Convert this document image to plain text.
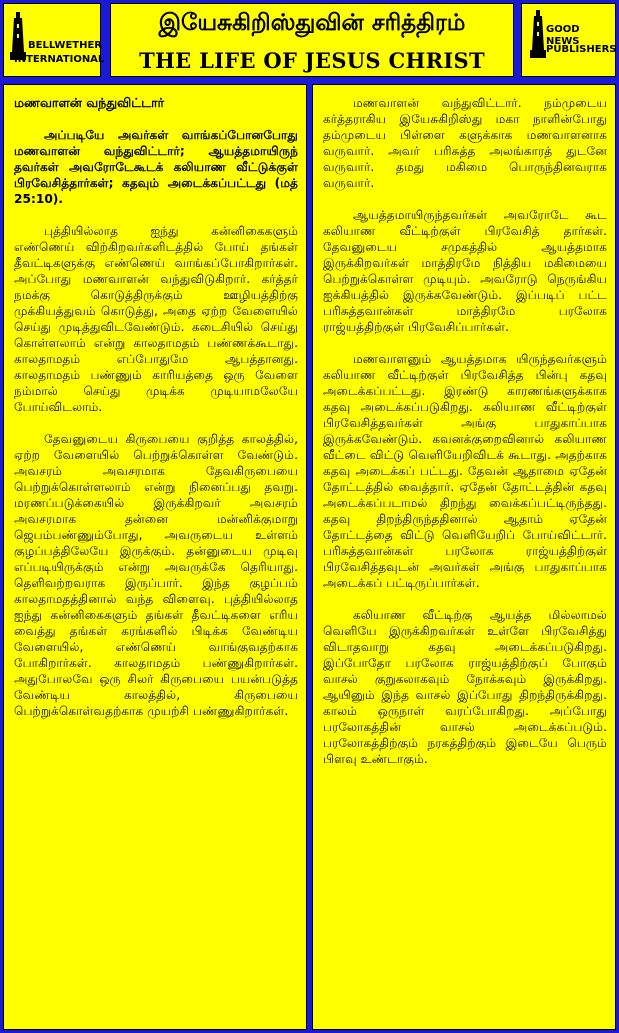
BELLWETHER
INTERNATIONAL
இயேசுகிறிஸ்துவின் சரித்திரம்
THE LIFE OF JESUS CHRIST
GOOD NEWS
PUBLISHERS
மணவாளன் வந்துவிட்டார்

அப்படியே அவர்கள் வாங்கப்போனபோது மணவாளன் வந்துவிட்டார்; ஆயத்தமாயிருந் தவர்கள் அவரோடேகூடக் கலியாண வீட்டுக்குள் பிரவேசித்தார்கள்; கதவும் அடைக்கப்பட்டது (மத் 25:10).

புத்தியில்லாத ஐந்து கன்னிகைகளும் எண்ணெய் விற்கிறவர்களிடத்தில் போய் தங்கள் தீவட்டிகளுக்கு எண்ணெய் வாங்கப்போகிறார்கள். அப்போது மணவாளன் வந்துவிடுகிறார். கர்த்தர் நமக்கு கொடுத்திருக்கும் ஊழியத்திற்கு முக்கியத்துவம் கொடுத்து, அதை ஏற்ற வேளையில் செய்து முடித்துவிடவேண்டும். கடைசியில் செய்து கொள்ளலாம் என்று காலதாமதம் பண்ணக்கூடாது. காலதாமதம் எப்போதுமே ஆபத்தானது. காலதாமதம் பண்ணும் காரியத்தை ஒரு வேளை நம்மால் செய்து முடிக்க முடியாமலேயே போய்விடலாம்.

தேவனுடைய கிருபையை குறித்த காலத்தில், ஏற்ற வேளையில் பெற்றுக்கொள்ள வேண்டும். அவசரம் அவசரமாக தேவகிருபையை பெற்றுக்கொள்ளலாம் என்று நினைப்பது தவறு. மரணப்படுக்கையில் இருக்கிறவர் அவசரம் அவசரமாக தன்னை மன்னிக்குமாறு ஜெபம்பண்ணும்போது, அவருடைய உள்ளம் குழப்பத்திலேயே இருக்கும். தன்னுடைய முடிவு எப்படியிருக்கும் என்று அவருக்கே தெரியாது. தெளிவற்றவராக இருப்பார். இந்த குழப்பம் காலதாமதத்தினால் வந்த விளைவு. புத்தியில்லாத ஐந்து கன்னிகைகளும் தங்கள் தீவட்டிகளை எரிய வைத்து தங்கள் கரங்களில் பிடிக்க வேண்டிய வேளையில், எண்ணெய் வாங்குவதற்காக போகிறார்கள். காலதாமதம் பண்ணுகிறார்கள். அதுபோலவே ஒரு சிலர் கிருபையை பயன்படுத்த வேண்டிய காலத்தில், கிருபையை பெற்றுக்கொள்வதற்காக முயற்சி பண்ணுகிறார்கள்.

மணவாளன் வந்துவிட்டார். நம்முடைய கர்த்தராகிய இயேசுகிறிஸ்து மகா நாளின்போது தம்முடைய பிள்ளை களுக்காக மணவாளனாக வருவார். அவர் பரிசுத்த அலங்காரத் துடனே வருவார். தமது மகிமை பொருந்தினவராக வருவார்.

ஆயத்தமாயிருந்தவர்கள் அவரோடே கூட கலியாண வீட்டிற்குள் பிரவேசித் தார்கள். தேவனுடைய சமுகத்தில் ஆயத்தமாக இருக்கிறவர்கள் மாத்திரமே நித்திய மகிமையை பெற்றுக்கொள்ள முடியும். அவரோடு நெருங்கிய ஐக்கியத்தில் இருக்கவேண்டும். இப்படிப் பட்ட பரிசுத்தவான்கள் மாத்திரமே பரலோக ராஜ்யத்திற்குள் பிரவேசிப்பார்கள்.

மணவாளனும் ஆயத்தமாக யிருந்தவர்களும் கலியாண வீட்டிற்குள் பிரவேசித்த பின்பு கதவு அடைக்கப்பட்டது. இரண்டு காரணங்களுக்காக கதவு அடைக்கப்படுகிறது. கலியாண வீட்டிற்குள் பிரவேசித்தவர்கள் அங்கு பாதுகாப்பாக இருக்கவேண்டும். கவனக்குறைவினால் கலியாண வீட்டை விட்டு வெளியேறிவிடக் கூடாது. அதற்காக கதவு அடைக்கப் பட்டது. தேவன் ஆதாமை ஏதேன் தோட்டத்தில் வைத்தார். ஏதேன் தோட்டத்தின் கதவு அடைக்கப்படாமல் திறந்து வைக்கப்பட்டிருந்தது. கதவு திறந்திருந்ததினால் ஆதாம் ஏதேன் தோட்டத்தை விட்டு வெளியேறிப் போய்விட்டார். பரிசுத்தவான்கள் பரலோக ராஜ்யத்திற்குள் பிரவேசித்தவுடன் அவர்கள் அங்கு பாதுகாப்பாக அடைக்கப் பட்டிருப்பார்கள்.

கலியாண வீட்டிற்கு ஆயத்த மில்லாமல் வெளியே இருக்கிறவர்கள் உள்ளே பிரவேசித்து விடாதவாறு கதவு அடைக்கப்படுகிறது. இப்போதோ பரலோக ராஜ்யத்திற்குப் போகும் வாசல் குறுகலாகவும் நோக்கவும் இருக்கிறது. ஆயினும் இந்த வாசல் இப்போது திறந்திருக்கிறது. காலம் ஒருநாள் வரப்போகிறது. அப்போது பரலோகத்தின் வாசல் அடைக்கப்படும். பரலோகத்திற்கும் நரகத்திற்கும் இடையே பெரும் பிளவு உண்டாகும்.
